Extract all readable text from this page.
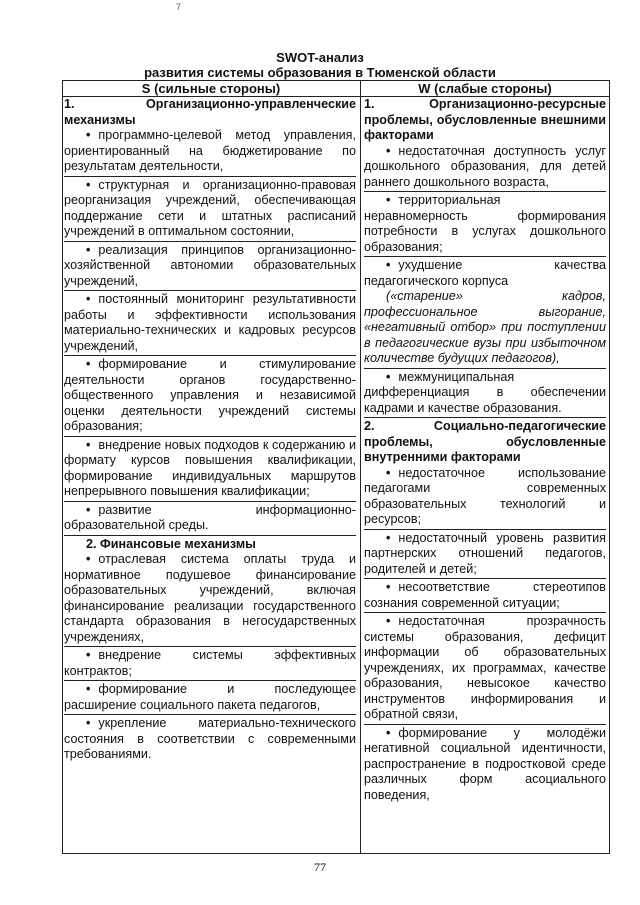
7
SWOT-анализ
развития системы образования в Тюменской области
S (сильные стороны)	W (слабые стороны)

1. Организационно-управленческие механизмы

• программно-целевой метод управления, ориентированный на бюджетирование по результатам деятельности,

• структурная и организационно-правовая реорганизация учреждений, обеспечивающая поддержание сети и штатных расписаний учреждений в оптимальном состоянии,

• реализация принципов организационно-хозяйственной автономии образовательных учреждений,

• постоянный мониторинг результативности работы и эффективности использования материально-технических и кадровых ресурсов учреждений,

• формирование и стимулирование деятельности органов государственно-общественного управления и независимой оценки деятельности учреждений системы образования;

• внедрение новых подходов к содержанию и формату курсов повышения квалификации, формирование индивидуальных маршрутов непрерывного повышения квалификации;

• развитие информационно-образовательной среды.

2. Финансовые механизмы

• отраслевая система оплаты труда и нормативное подушевое финансирование образовательных учреждений, включая финансирование реализации государственного стандарта образования в негосударственных учреждениях,

• внедрение системы эффективных контрактов;

• формирование и последующее расширение социального пакета педагогов,

• укрепление материально-технического состояния в соответствии с современными требованиями.

1. Организационно-ресурсные проблемы, обусловленные внешними факторами

• недостаточная доступность услуг дошкольного образования, для детей раннего дошкольного возраста,

• территориальная неравномерность формирования потребности в услугах дошкольного образования;

• ухудшение качества педагогического корпуса

(«старение» кадров, профессиональное выгорание, «негативный отбор» при поступлении в педагогические вузы при избыточном количестве будущих педагогов),

• межмуниципальная дифференциация в обеспечении кадрами и качестве образования.

2. Социально-педагогические проблемы, обусловленные внутренними факторами

• недостаточное использование педагогами современных образовательных технологий и ресурсов;

• недостаточный уровень развития партнерских отношений педагогов, родителей и детей;

• несоответствие стереотипов сознания современной ситуации;

• недостаточная прозрачность системы образования, дефицит информации об образовательных учреждениях, их программах, качестве образования, невысокое качество инструментов информирования и обратной связи,

• формирование у молодёжи негативной социальной идентичности, распространение в подростковой среде различных форм асоциального поведения,

77
